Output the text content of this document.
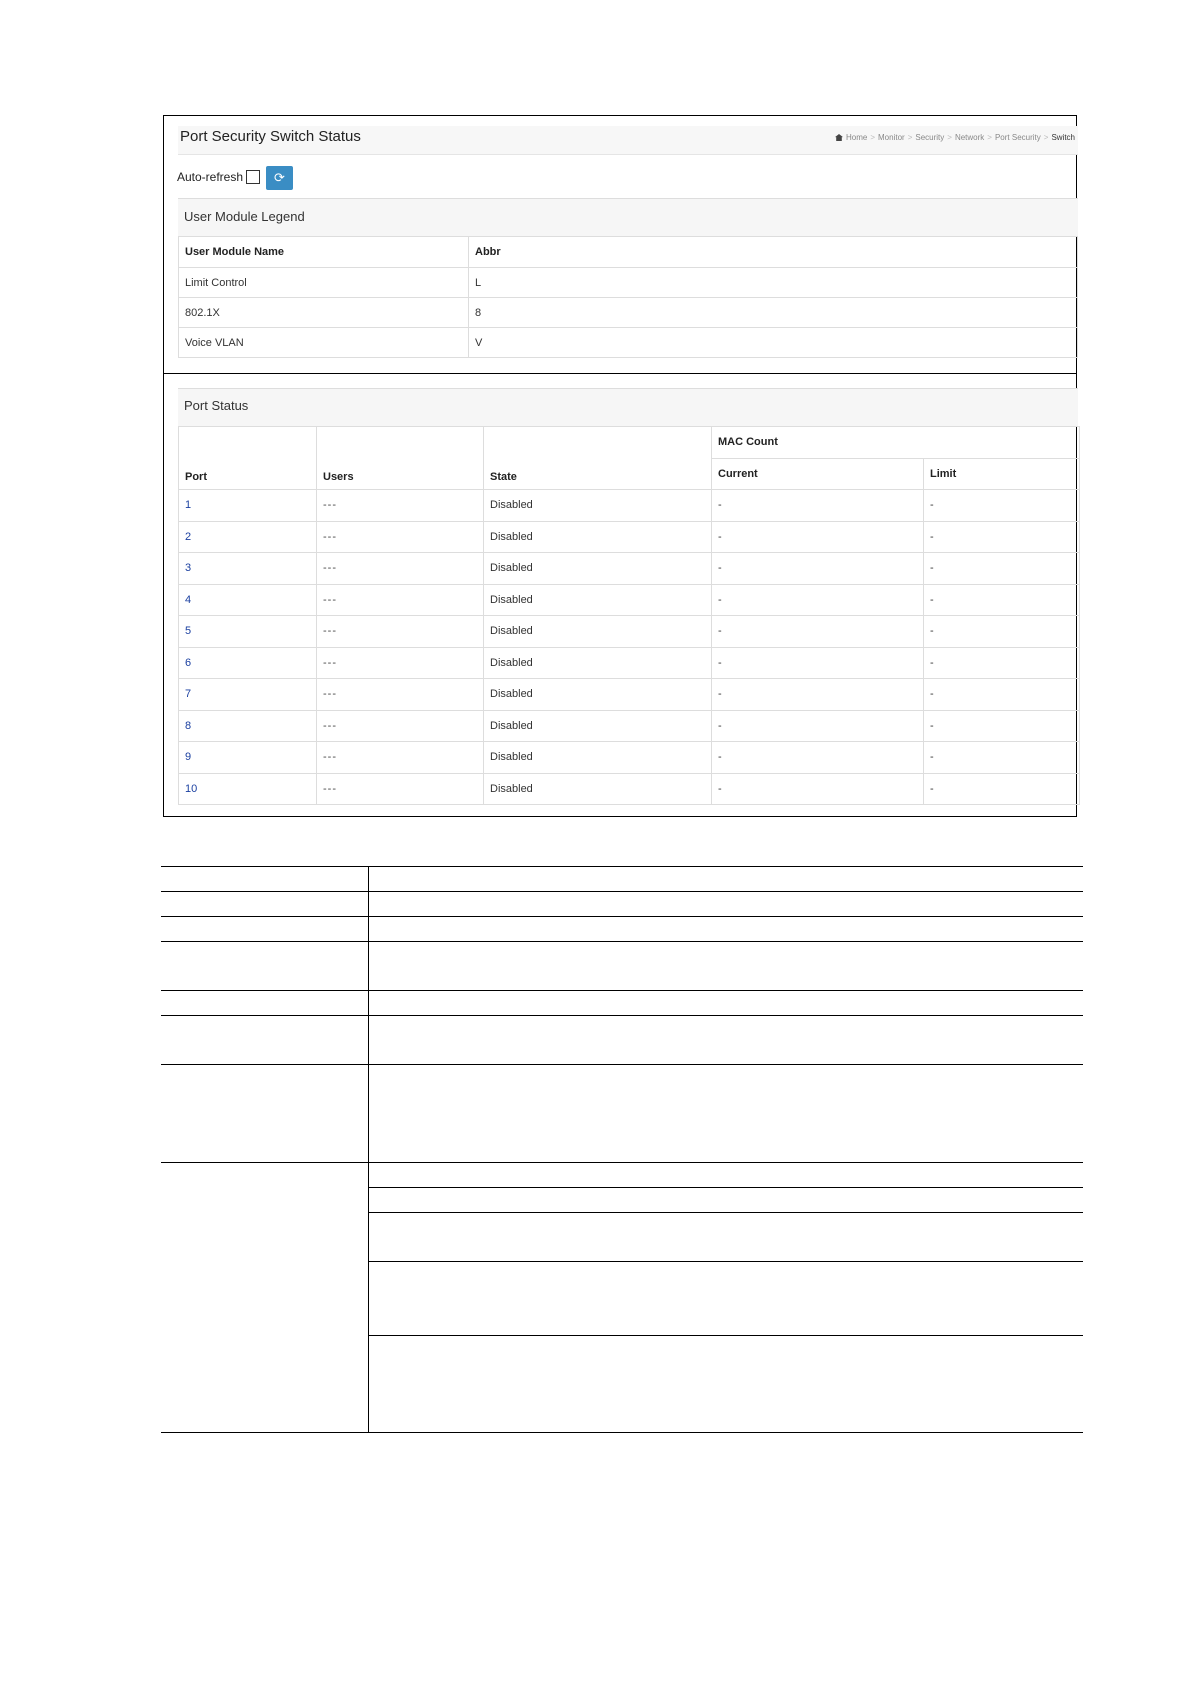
Port Security Switch Status	Home > Monitor > Security > Network > Port Security > Switch
Auto-refresh ⟳
User Module Legend
User Module Name	Abbr
Limit Control	L
802.1X	8
Voice VLAN	V
Port Status
Port	Users	State	MAC Count	
			Current	Limit
1	---	Disabled	-	-
2	---	Disabled	-	-
3	---	Disabled	-	-
4	---	Disabled	-	-
5	---	Disabled	-	-
6	---	Disabled	-	-
7	---	Disabled	-	-
8	---	Disabled	-	-
9	---	Disabled	-	-
10	---	Disabled	-	-
